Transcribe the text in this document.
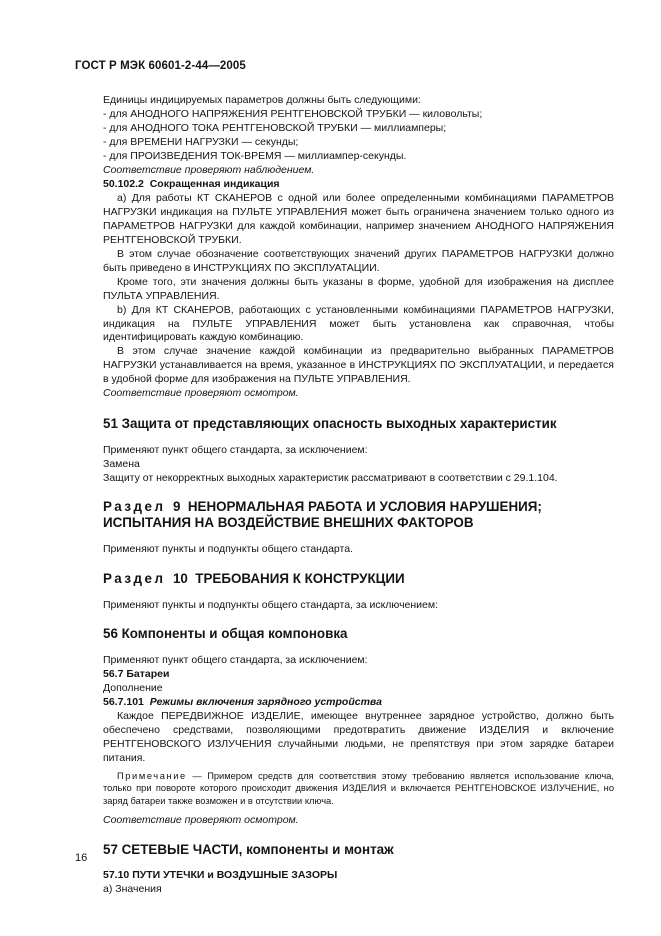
ГОСТ Р МЭК 60601-2-44—2005

Единицы индицируемых параметров должны быть следующими:

- для АНОДНОГО НАПРЯЖЕНИЯ РЕНТГЕНОВСКОЙ ТРУБКИ — киловольты;

- для АНОДНОГО ТОКА РЕНТГЕНОВСКОЙ ТРУБКИ — миллиамперы;

- для ВРЕМЕНИ НАГРУЗКИ — секунды;

- для ПРОИЗВЕДЕНИЯ ТОК-ВРЕМЯ — миллиампер-секунды.

Соответствие проверяют наблюдением.

50.102.2 Сокращенная индикация

а) Для работы КТ СКАНЕРОВ с одной или более определенными комбинациями ПАРАМЕТРОВ НАГРУЗКИ индикация на ПУЛЬТЕ УПРАВЛЕНИЯ может быть ограничена значением только одного из ПАРАМЕТРОВ НАГРУЗКИ для каждой комбинации, например значением АНОДНОГО НАПРЯЖЕНИЯ РЕНТГЕНОВСКОЙ ТРУБКИ.

В этом случае обозначение соответствующих значений других ПАРАМЕТРОВ НАГРУЗКИ должно быть приведено в ИНСТРУКЦИЯХ ПО ЭКСПЛУАТАЦИИ.

Кроме того, эти значения должны быть указаны в форме, удобной для изображения на дисплее ПУЛЬТА УПРАВЛЕНИЯ.

b) Для КТ СКАНЕРОВ, работающих с установленными комбинациями ПАРАМЕТРОВ НАГРУЗКИ, индикация на ПУЛЬТЕ УПРАВЛЕНИЯ может быть установлена как справочная, чтобы идентифицировать каждую комбинацию.

В этом случае значение каждой комбинации из предварительно выбранных ПАРАМЕТРОВ НАГРУЗКИ устанавливается на время, указанное в ИНСТРУКЦИЯХ ПО ЭКСПЛУАТАЦИИ, и передается в удобной форме для изображения на ПУЛЬТЕ УПРАВЛЕНИЯ.

Соответствие проверяют осмотром.

51 Защита от представляющих опасность выходных характеристик

Применяют пункт общего стандарта, за исключением:

Замена

Защиту от некорректных выходных характеристик рассматривают в соответствии с 29.1.104.

Раздел 9 НЕНОРМАЛЬНАЯ РАБОТА И УСЛОВИЯ НАРУШЕНИЯ;
ИСПЫТАНИЯ НА ВОЗДЕЙСТВИЕ ВНЕШНИХ ФАКТОРОВ

Применяют пункты и подпункты общего стандарта.

Раздел 10 ТРЕБОВАНИЯ К КОНСТРУКЦИИ

Применяют пункты и подпункты общего стандарта, за исключением:

56 Компоненты и общая компоновка

Применяют пункт общего стандарта, за исключением:

56.7 Батареи

Дополнение

56.7.101 Режимы включения зарядного устройства

Каждое ПЕРЕДВИЖНОЕ ИЗДЕЛИЕ, имеющее внутреннее зарядное устройство, должно быть обеспечено средствами, позволяющими предотвратить движение ИЗДЕЛИЯ и включение РЕНТГЕНОВСКОГО ИЗЛУЧЕНИЯ случайными людьми, не препятствуя при этом зарядке батареи питания.

Примечание — Примером средств для соответствия этому требованию является использование ключа, только при повороте которого происходит движения ИЗДЕЛИЯ и включается РЕНТГЕНОВСКОЕ ИЗЛУЧЕНИЕ, но заряд батареи также возможен и в отсутствии ключа.

Соответствие проверяют осмотром.

57 СЕТЕВЫЕ ЧАСТИ, компоненты и монтаж

57.10 ПУТИ УТЕЧКИ и ВОЗДУШНЫЕ ЗАЗОРЫ

а) Значения

16
